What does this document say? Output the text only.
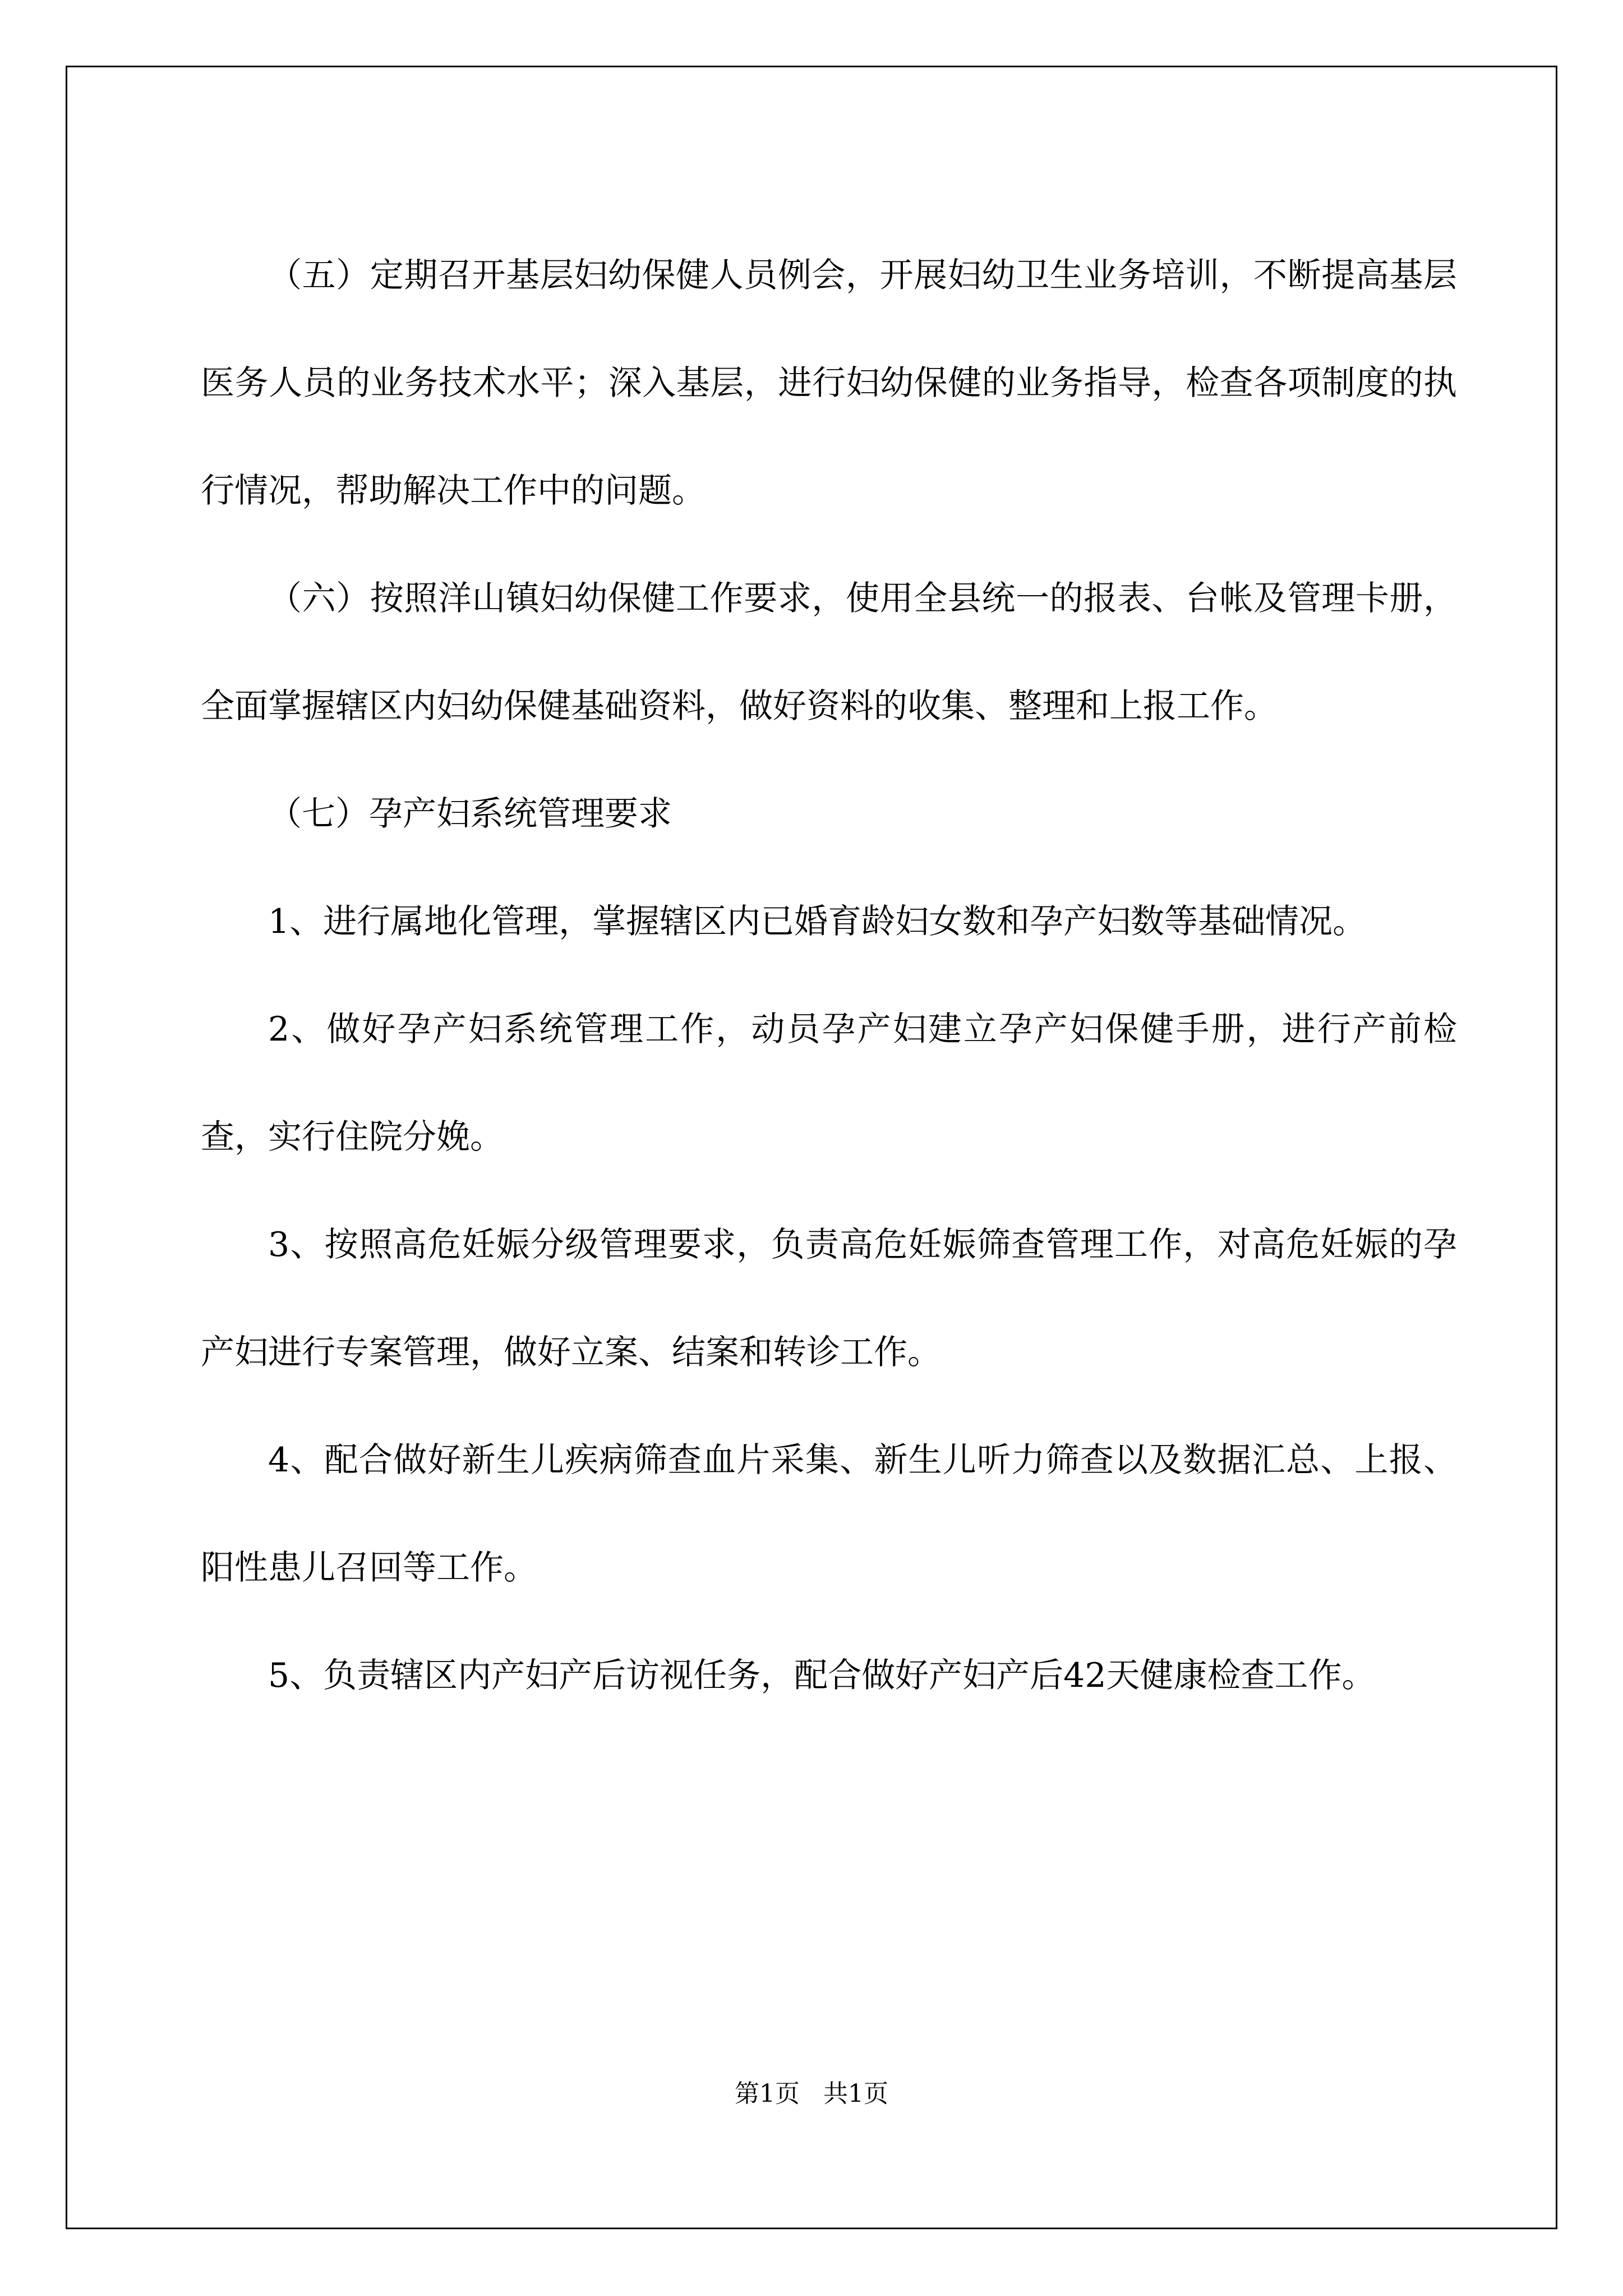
（五）定期召开基层妇幼保健人员例会，开展妇幼卫生业务培训，不断提高基层医务人员的业务技术水平；深入基层，进行妇幼保健的业务指导，检查各项制度的执行情况，帮助解决工作中的问题。

（六）按照洋山镇妇幼保健工作要求，使用全县统一的报表、台帐及管理卡册，全面掌握辖区内妇幼保健基础资料，做好资料的收集、整理和上报工作。

（七）孕产妇系统管理要求

1、进行属地化管理，掌握辖区内已婚育龄妇女数和孕产妇数等基础情况。

2、做好孕产妇系统管理工作，动员孕产妇建立孕产妇保健手册，进行产前检查，实行住院分娩。

3、按照高危妊娠分级管理要求，负责高危妊娠筛查管理工作，对高危妊娠的孕产妇进行专案管理，做好立案、结案和转诊工作。

4、配合做好新生儿疾病筛查血片采集、新生儿听力筛查以及数据汇总、上报、阳性患儿召回等工作。

5、负责辖区内产妇产后访视任务，配合做好产妇产后42天健康检查工作。

第1页 共1页
